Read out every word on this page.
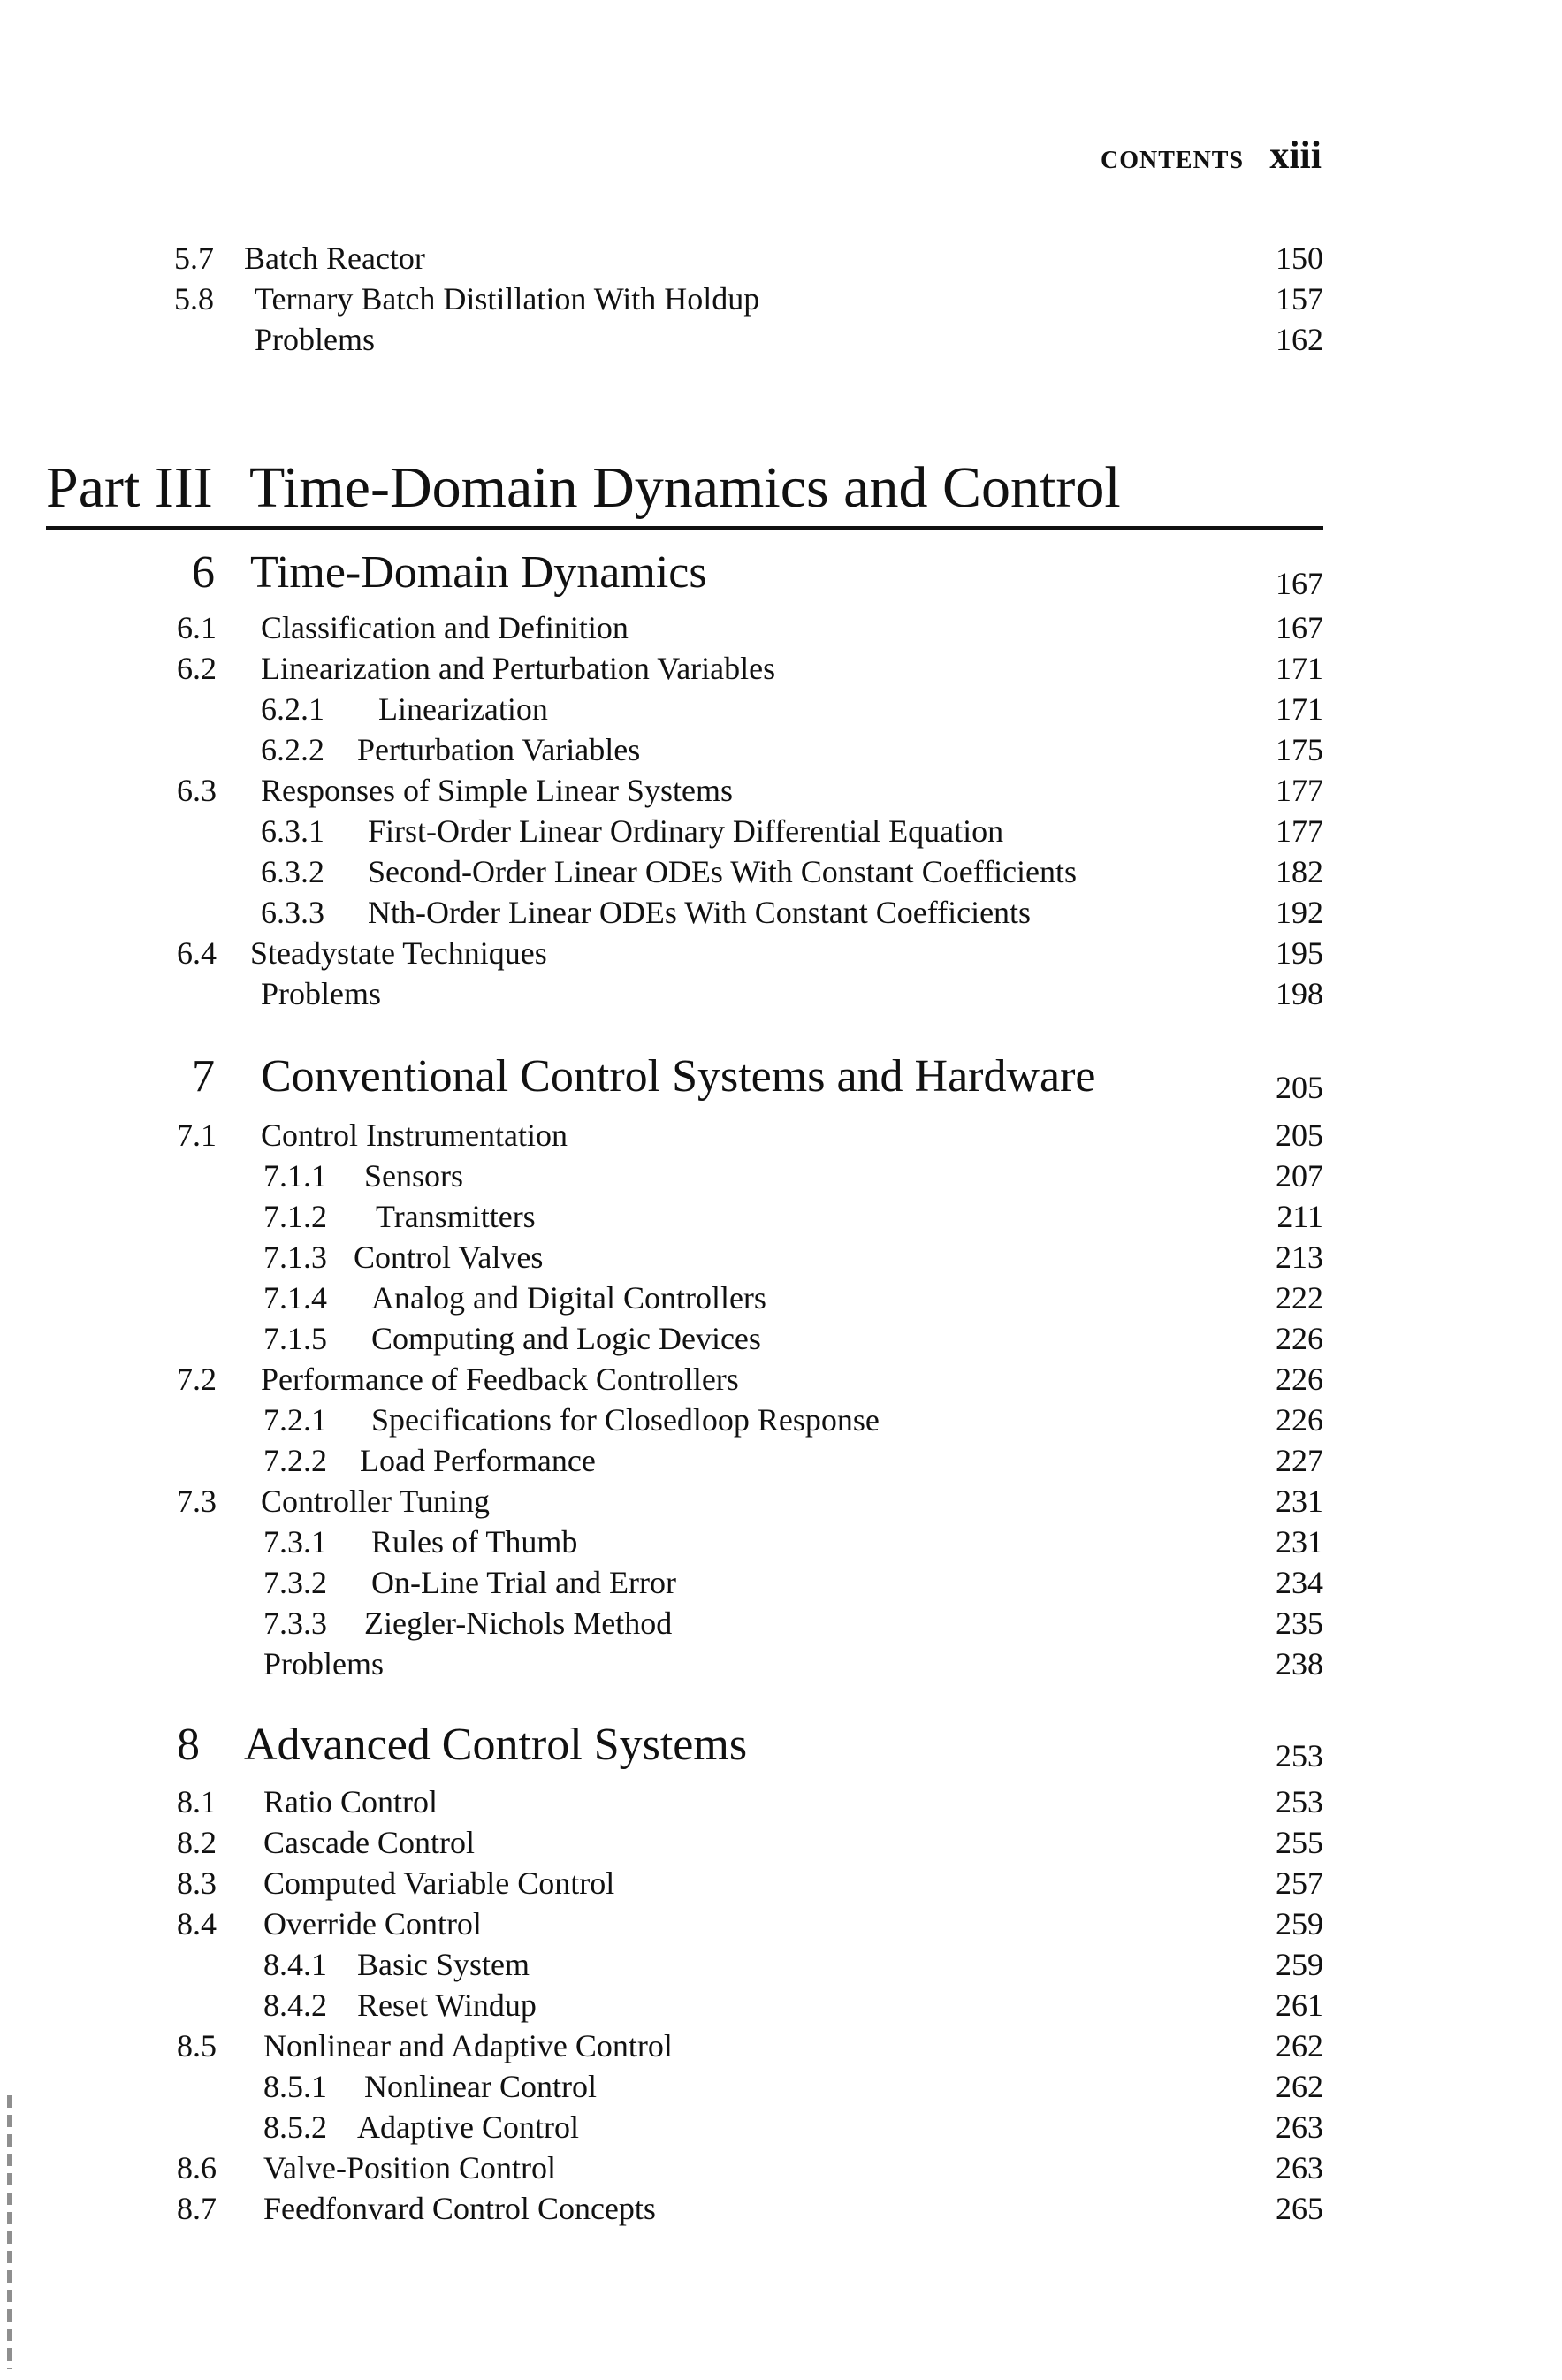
CONTENTS xiii
5.7 Batch Reactor	150
5.8 Ternary Batch Distillation With Holdup	157
Problems	162
Part III Time-Domain Dynamics and Control
6 Time-Domain Dynamics	167
6.1 Classification and Definition	167
6.2 Linearization and Perturbation Variables	171
6.2.1 Linearization	171
6.2.2 Perturbation Variables	175
6.3 Responses of Simple Linear Systems	177
6.3.1 First-Order Linear Ordinary Differential Equation	177
6.3.2 Second-Order Linear ODEs With Constant Coefficients	182
6.3.3 Nth-Order Linear ODEs With Constant Coefficients	192
6.4 Steadystate Techniques	195
Problems	198
7 Conventional Control Systems and Hardware	205
7.1 Control Instrumentation	205
7.1.1 Sensors	207
7.1.2 Transmitters	211
7.1.3 Control Valves	213
7.1.4 Analog and Digital Controllers	222
7.1.5 Computing and Logic Devices	226
7.2 Performance of Feedback Controllers	226
7.2.1 Specifications for Closedloop Response	226
7.2.2 Load Performance	227
7.3 Controller Tuning	231
7.3.1 Rules of Thumb	231
7.3.2 On-Line Trial and Error	234
7.3.3 Ziegler-Nichols Method	235
Problems	238
8 Advanced Control Systems	253
8.1 Ratio Control	253
8.2 Cascade Control	255
8.3 Computed Variable Control	257
8.4 Override Control	259
8.4.1 Basic System	259
8.4.2 Reset Windup	261
8.5 Nonlinear and Adaptive Control	262
8.5.1 Nonlinear Control	262
8.5.2 Adaptive Control	263
8.6 Valve-Position Control	263
8.7 Feedfonvard Control Concepts	265
